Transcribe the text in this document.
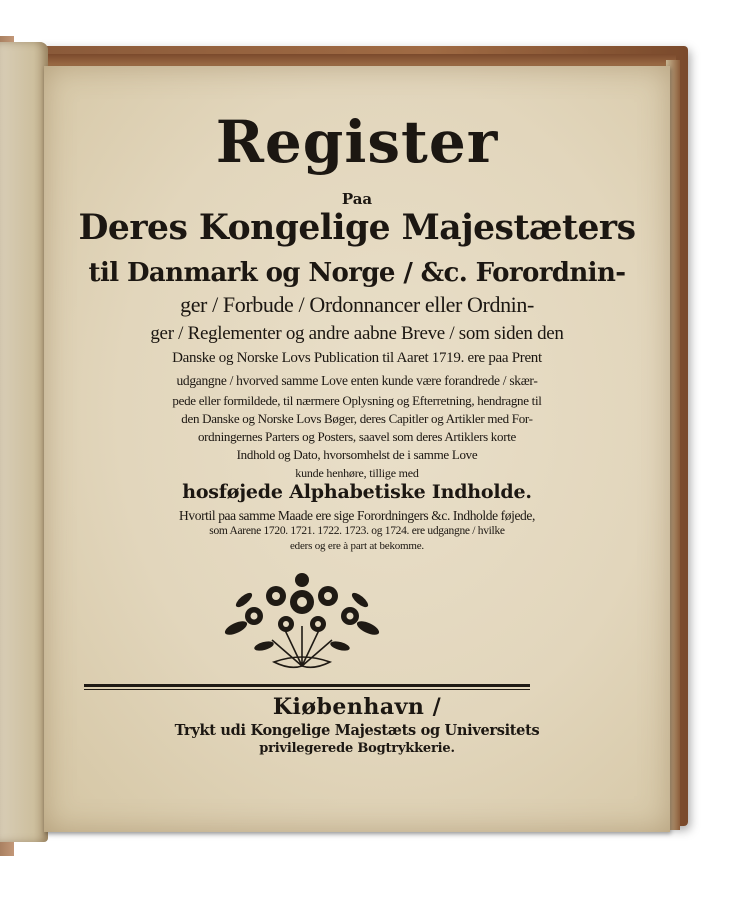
Register

Paa

Deres Kongelige Majestæters

til Danmark og Norge / &c. Forordnin-

ger / Forbude / Ordonnancer eller Ordnin-

ger / Reglementer og andre aabne Breve / som siden den

Danske og Norske Lovs Publication til Aaret 1719. ere paa Prent

udgangne / hvorved samme Love enten kunde være forandrede / skær-

pede eller formildede, til nærmere Oplysning og Efterretning, hendragne til

den Danske og Norske Lovs Bøger, deres Capitler og Artikler med For-

ordningernes Parters og Posters, saavel som deres Artiklers korte

Indhold og Dato, hvorsomhelst de i samme Love

kunde henhøre, tillige med

hosføjede Alphabetiske Indholde.

Hvortil paa samme Maade ere sige Forordningers &c. Indholde føjede,

som Aarene 1720. 1721. 1722. 1723. og 1724. ere udgangne / hvilke

eders og ere à part at bekomme.

Kiøbenhavn /

Trykt udi Kongelige Majestæts og Universitets

privilegerede Bogtrykkerie.
